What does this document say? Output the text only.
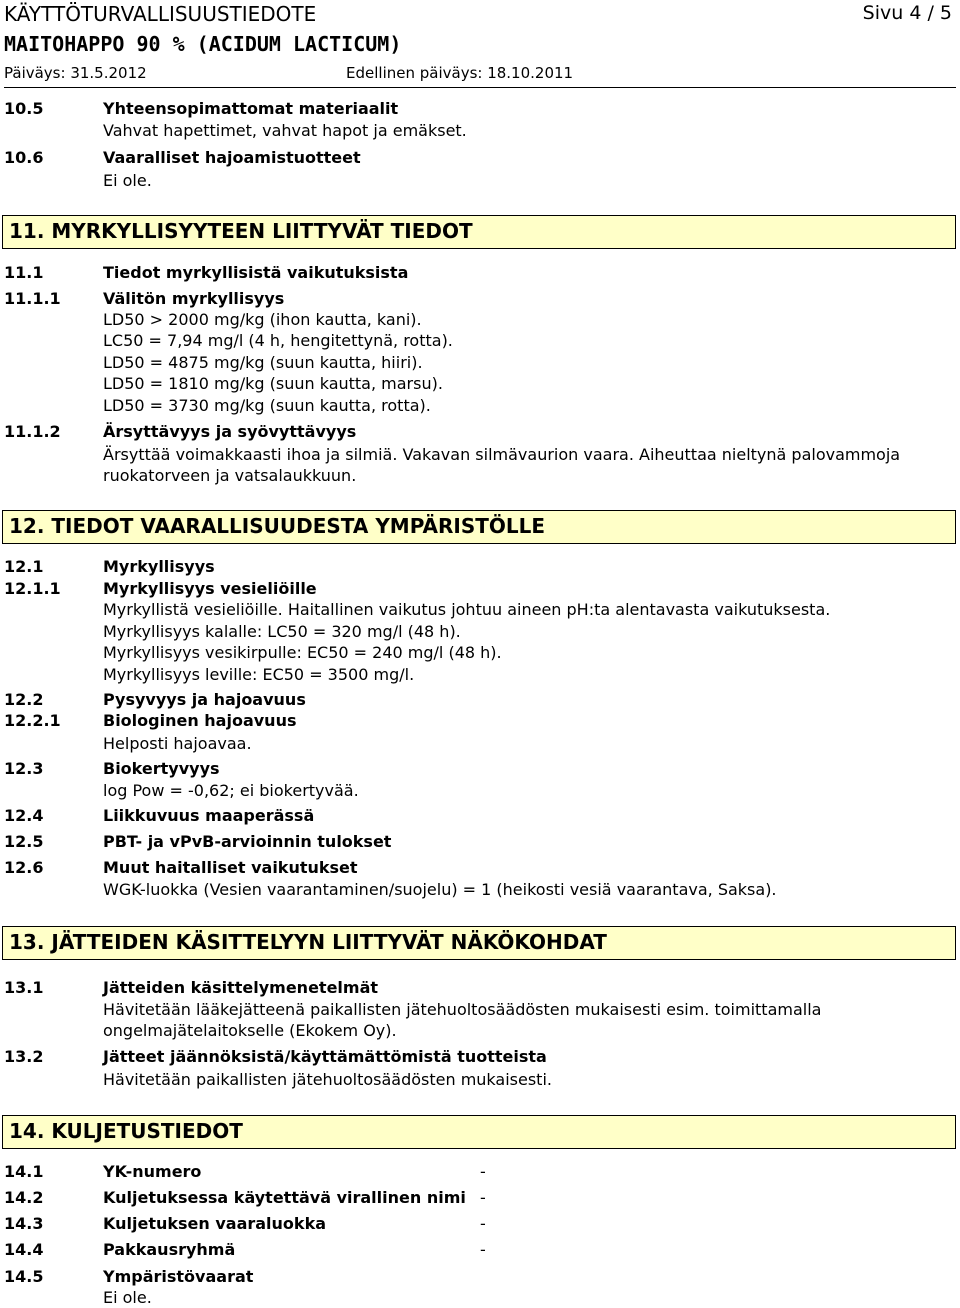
KÄYTTÖTURVALLISUUSTIEDOTE	Sivu 4 / 5
MAITOHAPPO 90 % (ACIDUM LACTICUM)
Päiväys: 31.5.2012	Edellinen päiväys: 18.10.2011
10.5	Yhteensopimattomat materiaalit
Vahvat hapettimet, vahvat hapot ja emäkset.
10.6	Vaaralliset hajoamistuotteet
Ei ole.
11. MYRKYLLISYYTEEN LIITTYVÄT TIEDOT
11.1	Tiedot myrkyllisistä vaikutuksista
11.1.1	Välitön myrkyllisyys
LD50 > 2000 mg/kg (ihon kautta, kani).
LC50 = 7,94 mg/l (4 h, hengitettynä, rotta).
LD50 = 4875 mg/kg (suun kautta, hiiri).
LD50 = 1810 mg/kg (suun kautta, marsu).
LD50 = 3730 mg/kg (suun kautta, rotta).
11.1.2	Ärsyttävyys ja syövyttävyys
Ärsyttää voimakkaasti ihoa ja silmiä. Vakavan silmävaurion vaara. Aiheuttaa nieltynä palovammoja ruokatorveen ja vatsalaukkuun.
12. TIEDOT VAARALLISUUDESTA YMPÄRISTÖLLE
12.1	Myrkyllisyys
12.1.1	Myrkyllisyys vesieliöille
Myrkyllistä vesieliöille. Haitallinen vaikutus johtuu aineen pH:ta alentavasta vaikutuksesta.
Myrkyllisyys kalalle: LC50 = 320 mg/l (48 h).
Myrkyllisyys vesikirpulle: EC50 = 240 mg/l (48 h).
Myrkyllisyys leville: EC50 = 3500 mg/l.
12.2	Pysyvyys ja hajoavuus
12.2.1	Biologinen hajoavuus
Helposti hajoavaa.
12.3	Biokertyvyys
log Pow = -0,62; ei biokertyvää.
12.4	Liikkuvuus maaperässä
12.5	PBT- ja vPvB-arvioinnin tulokset
12.6	Muut haitalliset vaikutukset
WGK-luokka (Vesien vaarantaminen/suojelu) = 1 (heikosti vesiä vaarantava, Saksa).
13. JÄTTEIDEN KÄSITTELYYN LIITTYVÄT NÄKÖKOHDAT
13.1	Jätteiden käsittelymenetelmät
Hävitetään lääkejätteenä paikallisten jätehuoltosäädösten mukaisesti esim. toimittamalla ongelmajätelaitokselle (Ekokem Oy).
13.2	Jätteet jäännöksistä/käyttämättömistä tuotteista
Hävitetään paikallisten jätehuoltosäädösten mukaisesti.
14. KULJETUSTIEDOT
14.1	YK-numero	-
14.2	Kuljetuksessa käytettävä virallinen nimi -
14.3	Kuljetuksen vaaraluokka	-
14.4	Pakkausryhmä	-
14.5	Ympäristövaarat
Ei ole.
